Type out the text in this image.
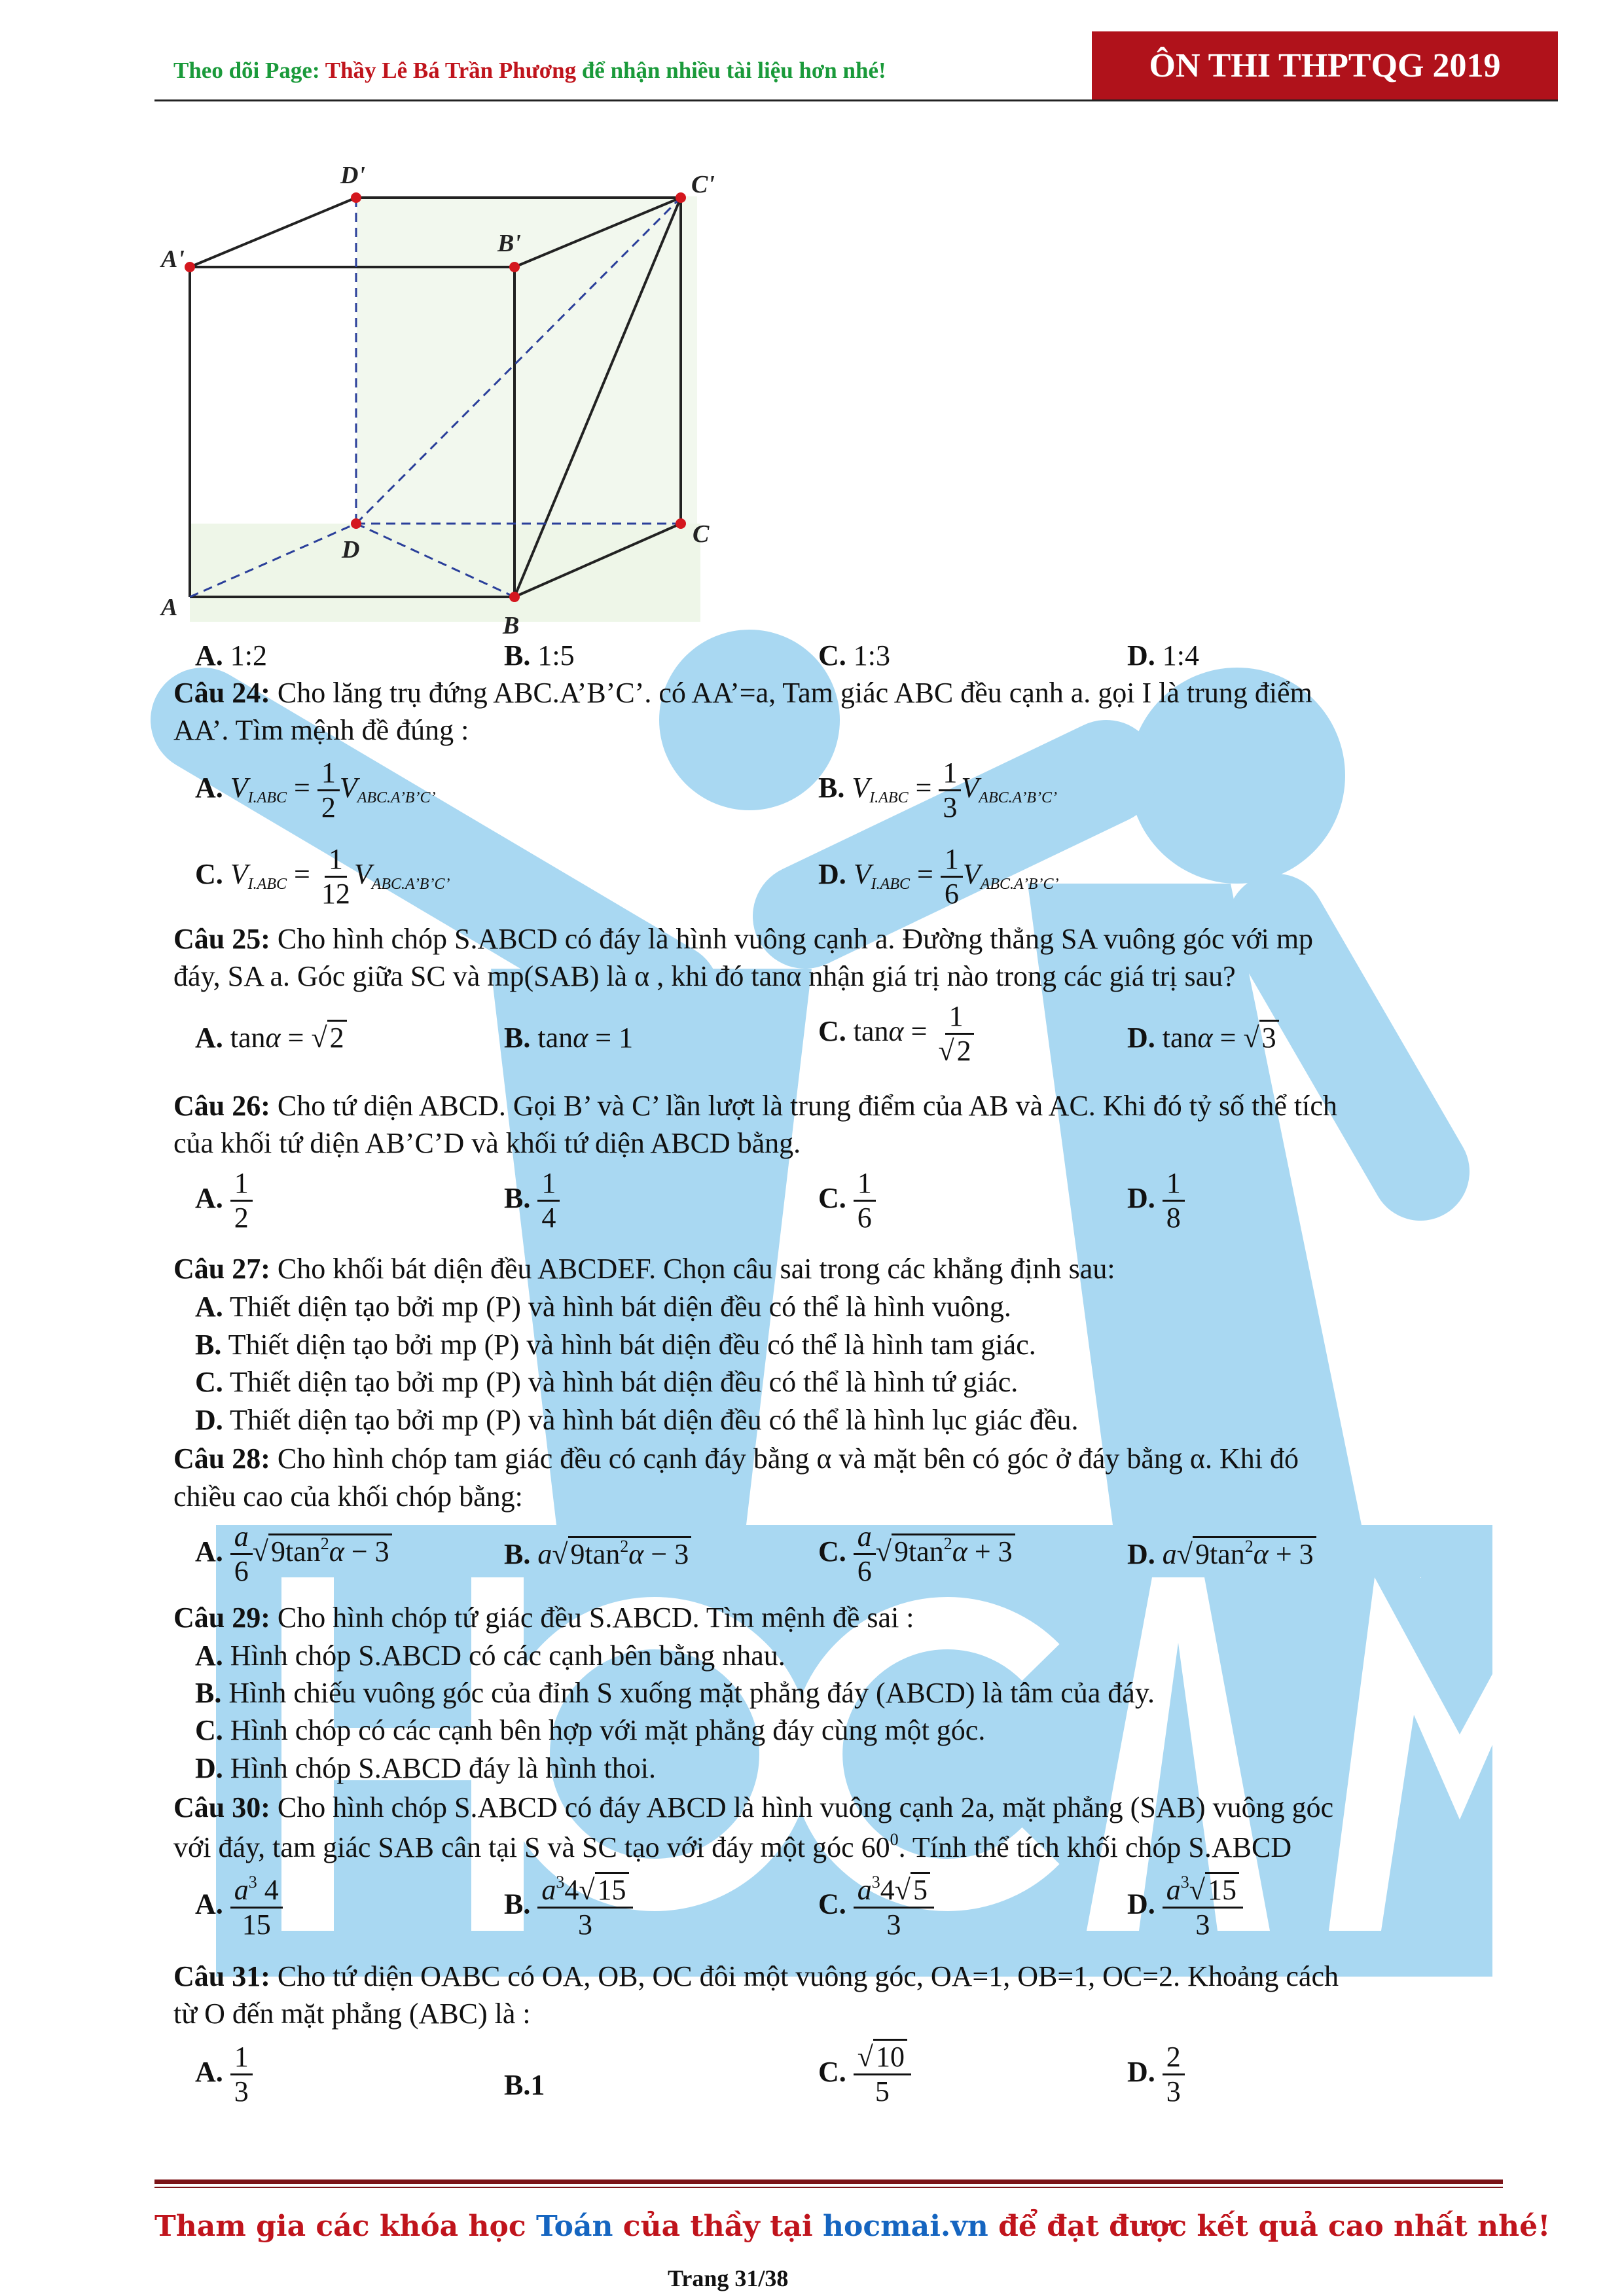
Theo dõi Page: Thầy Lê Bá Trần Phương để nhận nhiều tài liệu hơn nhé!	ÔN THI THPTQG 2019
D'	C'
A'
B'
D
C
A
B
A. 1:2	B. 1:5	C. 1:3	D. 1:4
Câu 24: Cho lăng trụ đứng ABC.A’B’C’. có AA’=a, Tam giác ABC đều cạnh a. gọi I là trung điểm
AA’. Tìm mệnh đề đúng :
A. $V_{I.ABC} = \frac{1}{2} V_{ABC.A’B’C’}$	B. $V_{I.ABC} = \frac{1}{3} V_{ABC.A’B’C’}$
C. $V_{I.ABC} = \frac{1}{12} V_{ABC.A’B’C’}$	D. $V_{I.ABC} = \frac{1}{6} V_{ABC.A’B’C’}$
Câu 25: Cho hình chóp S.ABCD có đáy là hình vuông cạnh a. Đường thẳng SA vuông góc với mp
đáy, SA a. Góc giữa SC và mp(SAB) là α , khi đó tanα nhận giá trị nào trong các giá trị sau?
A. tanα = √2	B. tanα = 1	C. $\tan\alpha = \frac{1}{√2}$	D. tanα = √3
Câu 26: Cho tứ diện ABCD. Gọi B’ và C’ lần lượt là trung điểm của AB và AC. Khi đó tỷ số thể tích
của khối tứ diện AB’C’D và khối tứ diện ABCD bằng.
A. $\frac{1}{2}$	B. $\frac{1}{4}$	C. $\frac{1}{6}$	D. $\frac{1}{8}$
Câu 27: Cho khối bát diện đều ABCDEF. Chọn câu sai trong các khẳng định sau:
A. Thiết diện tạo bởi mp (P) và hình bát diện đều có thể là hình vuông.
B. Thiết diện tạo bởi mp (P) và hình bát diện đều có thể là hình tam giác.
C. Thiết diện tạo bởi mp (P) và hình bát diện đều có thể là hình tứ giác.
D. Thiết diện tạo bởi mp (P) và hình bát diện đều có thể là hình lục giác đều.
Câu 28: Cho hình chóp tam giác đều có cạnh đáy bằng α và mặt bên có góc ở đáy bằng α. Khi đó
chiều cao của khối chóp bằng:
A. $\frac{a}{6} √9\tan^2\alpha - 3$	B. $a√9\tan^2\alpha - 3$	C. $\frac{a}{6} √9\tan^2\alpha + 3$	D. $a√9\tan^2\alpha + 3$
Câu 29: Cho hình chóp tứ giác đều S.ABCD. Tìm mệnh đề sai :
A. Hình chóp S.ABCD có các cạnh bên bằng nhau.
B. Hình chiếu vuông góc của đỉnh S xuống mặt phẳng đáy (ABCD) là tâm của đáy.
C. Hình chóp có các cạnh bên hợp với mặt phẳng đáy cùng một góc.
D. Hình chóp S.ABCD đáy là hình thoi.
Câu 30: Cho hình chóp S.ABCD có đáy ABCD là hình vuông cạnh 2a, mặt phẳng (SAB) vuông góc
với đáy, tam giác SAB cân tại S và SC tạo với đáy một góc $60^0$. Tính thể tích khối chóp S.ABCD
A. $\frac{a^3 4}{15}$	B. $\frac{a^34√15}{3}$	C. $\frac{a^34√5}{3}$	D. $\frac{a^3√15}{3}$
Câu 31: Cho tứ diện OABC có OA, OB, OC đôi một vuông góc, OA=1, OB=1, OC=2. Khoảng cách
từ O đến mặt phẳng (ABC) là :
A. $\frac{1}{3}$	B.1	C. $\frac{√10}{5}$	D. $\frac{2}{3}$
Tham gia các khóa học Toán của thầy tại hocmai.vn để đạt được kết quả cao nhất nhé!
Trang 31/38
